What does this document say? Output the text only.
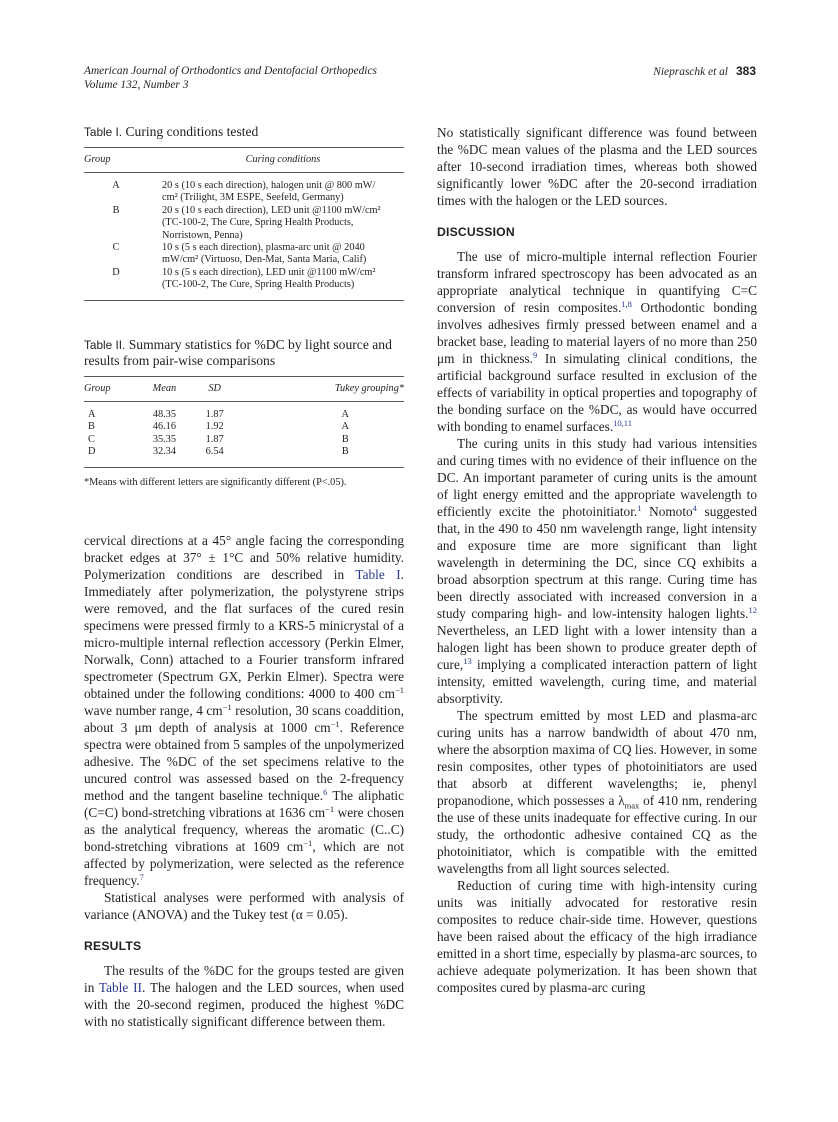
American Journal of Orthodontics and Dentofacial Orthopedics
Volume 132, Number 3
Niepraschk et al 383
Table I. Curing conditions tested
Group	Curing conditions
A	20 s (10 s each direction), halogen unit @ 800 mW/
cm² (Trilight, 3M ESPE, Seefeld, Germany)

B	20 s (10 s each direction), LED unit @1100 mW/cm²
(TC-100-2, The Cure, Spring Health Products,
Norristown, Penna)

C	10 s (5 s each direction), plasma-arc unit @ 2040
mW/cm² (Virtuoso, Den-Mat, Santa Maria, Calif)

D	10 s (5 s each direction), LED unit @1100 mW/cm²
(TC-100-2, The Cure, Spring Health Products)

Table II. Summary statistics for %DC by light source and results from pair-wise comparisons
Group	Mean	SD	Tukey grouping*
A	48.35	1.87	A
B	46.16	1.92	A
C	35.35	1.87	B
D	32.34	6.54	B

*Means with different letters are significantly different (P<.05).

cervical directions at a 45° angle facing the corresponding bracket edges at 37° ± 1°C and 50% relative humidity. Polymerization conditions are described in Table I. Immediately after polymerization, the polystyrene strips were removed, and the flat surfaces of the cured resin specimens were pressed firmly to a KRS-5 minicrystal of a micro-multiple internal reflection accessory (Perkin Elmer, Norwalk, Conn) attached to a Fourier transform infrared spectrometer (Spectrum GX, Perkin Elmer). Spectra were obtained under the following conditions: 4000 to 400 $cm^{-1}$ wave number range, 4 $cm^{-1}$ resolution, 30 scans coaddition, about 3 μm depth of analysis at 1000 $cm^{-1}$. Reference spectra were obtained from 5 samples of the unpolymerized adhesive. The %DC of the set specimens relative to the uncured control was assessed based on the 2-frequency method and the tangent baseline technique.$^6$ The aliphatic (C=C) bond-stretching vibrations at 1636 $cm^{-1}$ were chosen as the analytical frequency, whereas the aromatic (C..C) bond-stretching vibrations at 1609 $cm^{-1}$, which are not affected by polymerization, were selected as the reference frequency.$^7$

Statistical analyses were performed with analysis of variance (ANOVA) and the Tukey test (α = 0.05).

RESULTS

The results of the %DC for the groups tested are given in Table II. The halogen and the LED sources, when used with the 20-second regimen, produced the highest %DC with no statistically significant difference between them.

No statistically significant difference was found between the %DC mean values of the plasma and the LED sources after 10-second irradiation times, whereas both showed significantly lower %DC after the 20-second irradiation times with the halogen or the LED sources.

DISCUSSION

The use of micro-multiple internal reflection Fourier transform infrared spectroscopy has been advocated as an appropriate analytical technique in quantifying C=C conversion of resin composites.$^{1,8}$ Orthodontic bonding involves adhesives firmly pressed between enamel and a bracket base, leading to material layers of no more than 250 μm in thickness.$^9$ In simulating clinical conditions, the artificial background surface resulted in exclusion of the effects of variability in optical properties and topography of the bonding surface on the %DC, as would have occurred with bonding to enamel surfaces.$^{10,11}$

The curing units in this study had various intensities and curing times with no evidence of their influence on the DC. An important parameter of curing units is the amount of light energy emitted and the appropriate wavelength to efficiently excite the photoinitiator.$^1$ Nomoto$^4$ suggested that, in the 490 to 450 nm wavelength range, light intensity and exposure time are more significant than light wavelength in determining the DC, since CQ exhibits a broad absorption spectrum at this range. Curing time has been directly associated with increased conversion in a study comparing high- and low-intensity halogen lights.$^{12}$ Nevertheless, an LED light with a lower intensity than a halogen light has been shown to produce greater depth of cure,$^{13}$ implying a complicated interaction pattern of light intensity, emitted wavelength, curing time, and material absorptivity.

The spectrum emitted by most LED and plasma-arc curing units has a narrow bandwidth of about 470 nm, where the absorption maxima of CQ lies. However, in some resin composites, other types of photoinitiators are used that absorb at different wavelengths; ie, phenyl propanodione, which possesses a $\lambda_{max}$ of 410 nm, rendering the use of these units inadequate for effective curing. In our study, the orthodontic adhesive contained CQ as the photoinitiator, which is compatible with the emitted wavelengths from all light sources selected.

Reduction of curing time with high-intensity curing units was initially advocated for restorative resin composites to reduce chair-side time. However, questions have been raised about the efficacy of the high irradiance emitted in a short time, especially by plasma-arc sources, to achieve adequate polymerization. It has been shown that composites cured by plasma-arc curing
